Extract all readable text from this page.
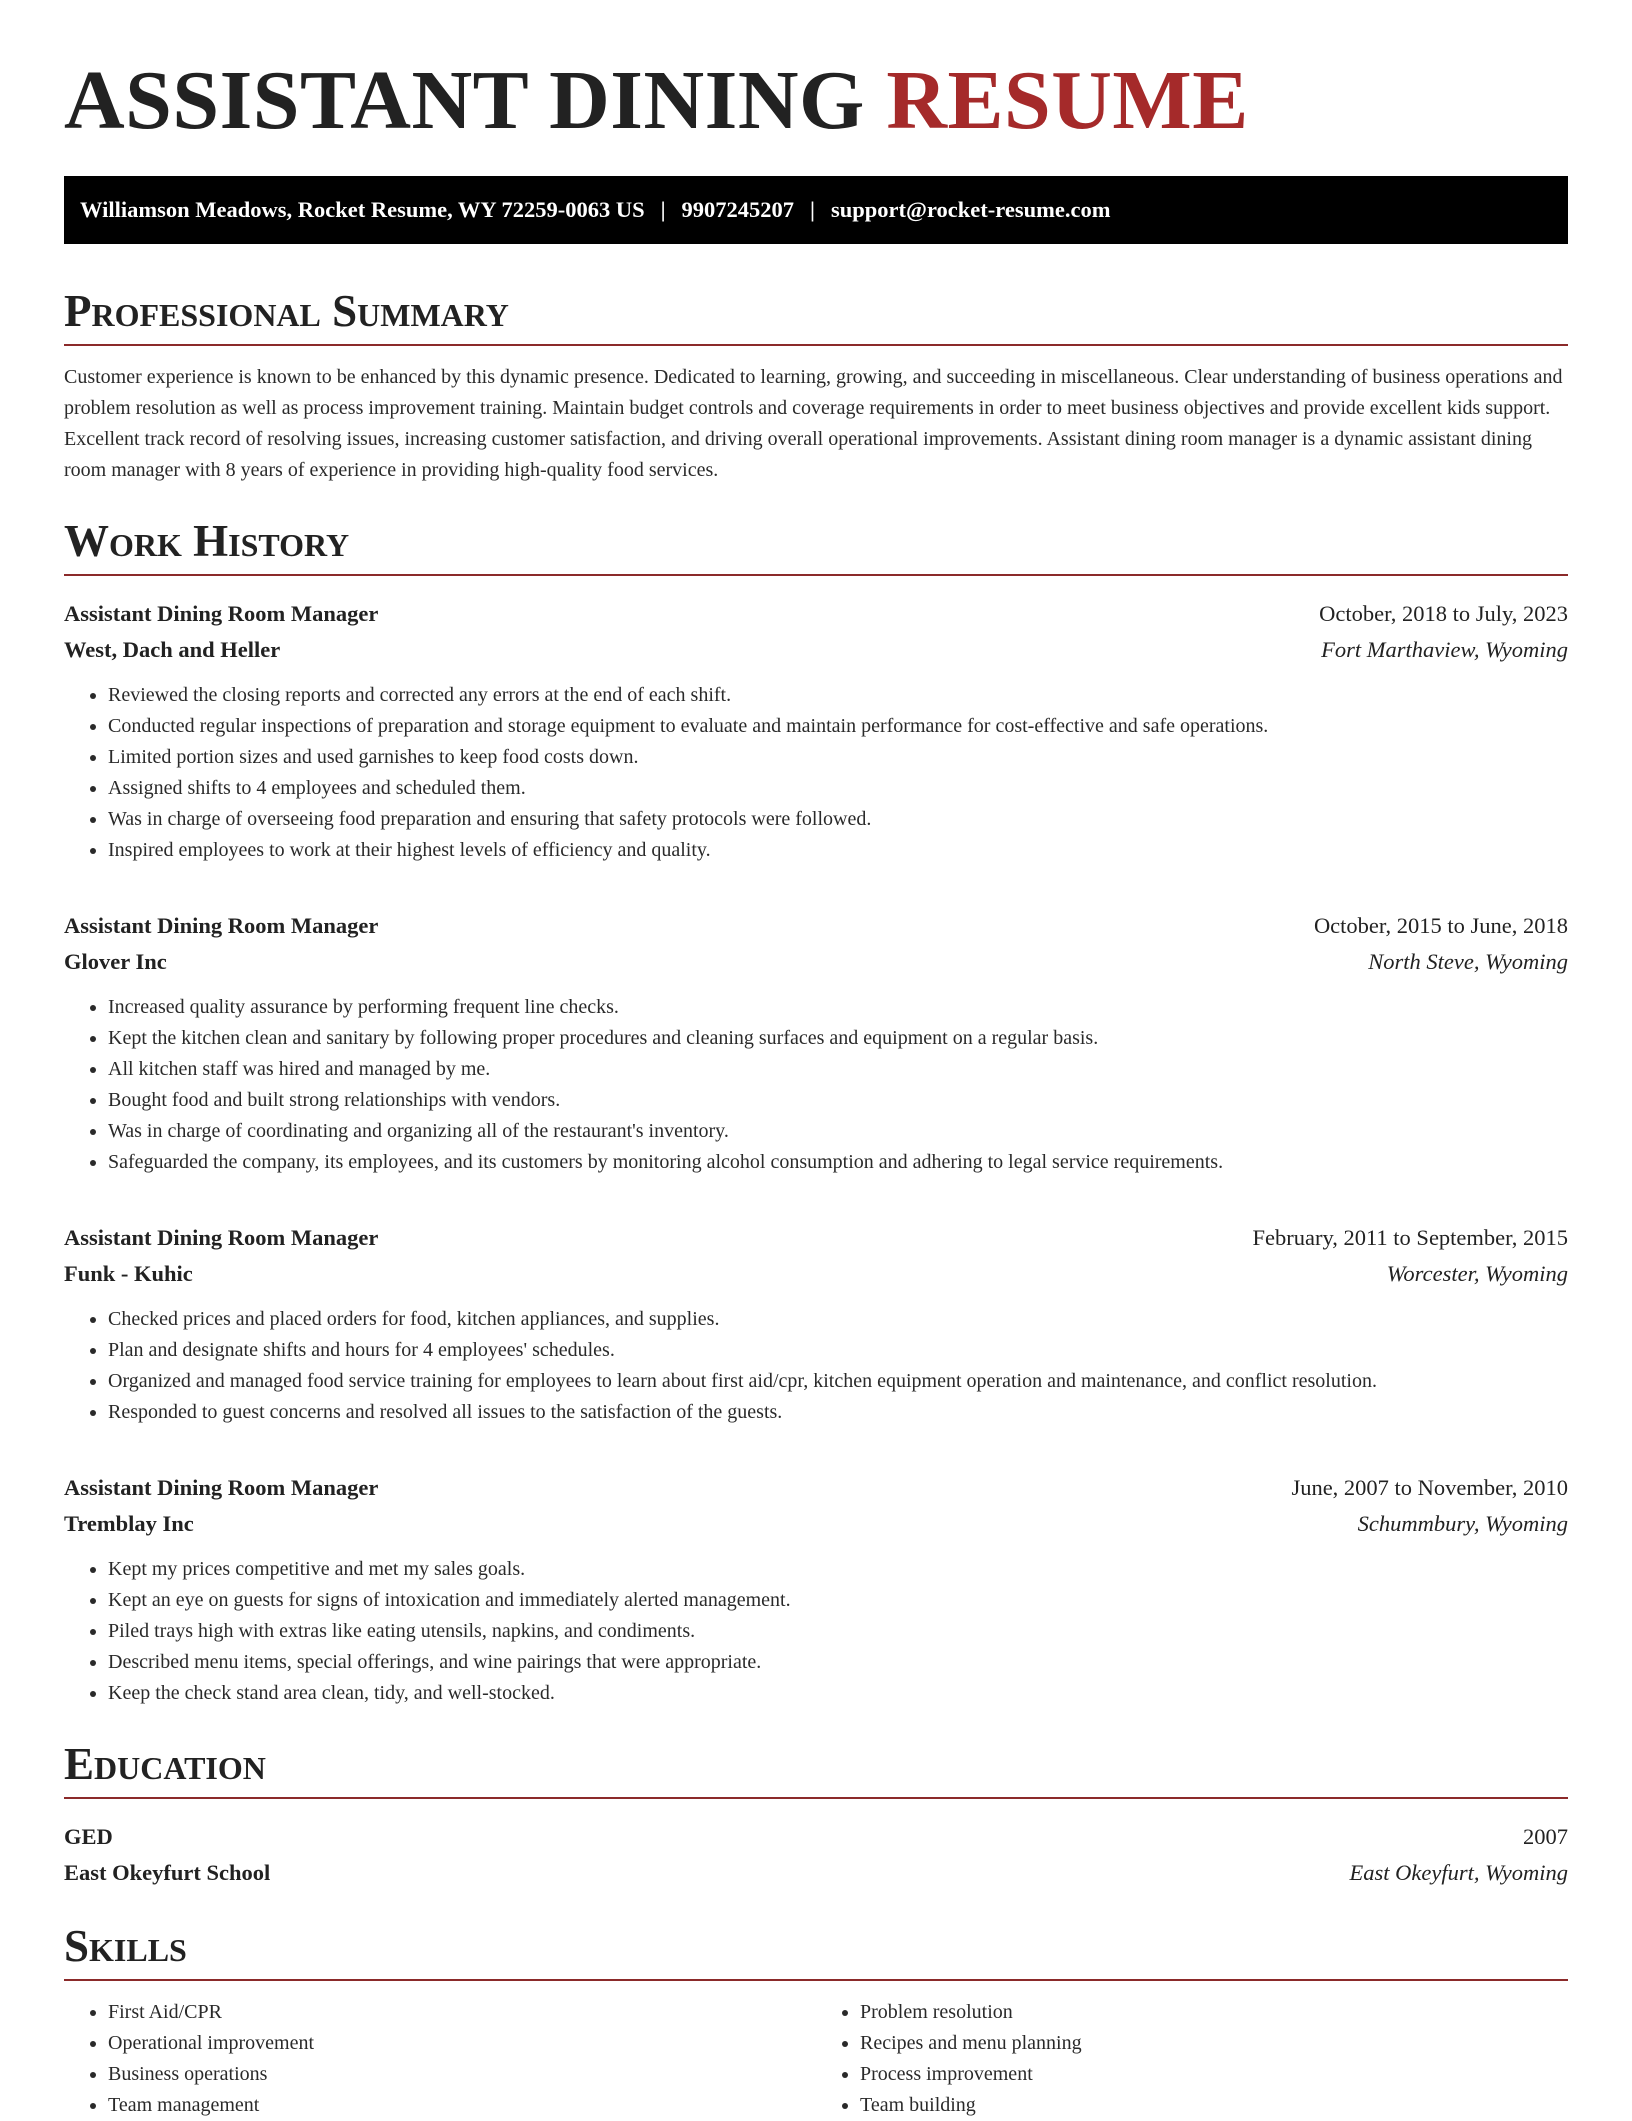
ASSISTANT DINING RESUME
Williamson Meadows, Rocket Resume, WY 72259-0063 US | 9907245207 | support@rocket-resume.com
Professional Summary

Customer experience is known to be enhanced by this dynamic presence. Dedicated to learning, growing, and succeeding in miscellaneous. Clear understanding of business operations and problem resolution as well as process improvement training. Maintain budget controls and coverage requirements in order to meet business objectives and provide excellent kids support. Excellent track record of resolving issues, increasing customer satisfaction, and driving overall operational improvements. Assistant dining room manager is a dynamic assistant dining room manager with 8 years of experience in providing high-quality food services.

Work History
Assistant Dining Room Manager	October, 2018 to July, 2023
West, Dach and Heller	Fort Marthaview, Wyoming
• Reviewed the closing reports and corrected any errors at the end of each shift.
• Conducted regular inspections of preparation and storage equipment to evaluate and maintain performance for cost-effective and safe operations.
• Limited portion sizes and used garnishes to keep food costs down.
• Assigned shifts to 4 employees and scheduled them.
• Was in charge of overseeing food preparation and ensuring that safety protocols were followed.
• Inspired employees to work at their highest levels of efficiency and quality.
Assistant Dining Room Manager	October, 2015 to June, 2018
Glover Inc	North Steve, Wyoming
• Increased quality assurance by performing frequent line checks.
• Kept the kitchen clean and sanitary by following proper procedures and cleaning surfaces and equipment on a regular basis.
• All kitchen staff was hired and managed by me.
• Bought food and built strong relationships with vendors.
• Was in charge of coordinating and organizing all of the restaurant's inventory.
• Safeguarded the company, its employees, and its customers by monitoring alcohol consumption and adhering to legal service requirements.
Assistant Dining Room Manager	February, 2011 to September, 2015
Funk - Kuhic	Worcester, Wyoming
• Checked prices and placed orders for food, kitchen appliances, and supplies.
• Plan and designate shifts and hours for 4 employees' schedules.
• Organized and managed food service training for employees to learn about first aid/cpr, kitchen equipment operation and maintenance, and conflict resolution.
• Responded to guest concerns and resolved all issues to the satisfaction of the guests.
Assistant Dining Room Manager	June, 2007 to November, 2010
Tremblay Inc	Schummbury, Wyoming
• Kept my prices competitive and met my sales goals.
• Kept an eye on guests for signs of intoxication and immediately alerted management.
• Piled trays high with extras like eating utensils, napkins, and condiments.
• Described menu items, special offerings, and wine pairings that were appropriate.
• Keep the check stand area clean, tidy, and well-stocked.
Education
GED	2007
East Okeyfurt School	East Okeyfurt, Wyoming
Skills
• First Aid/CPR
• Operational improvement
• Business operations
• Team management
• Problem resolution
• Recipes and menu planning
• Process improvement
• Team building
